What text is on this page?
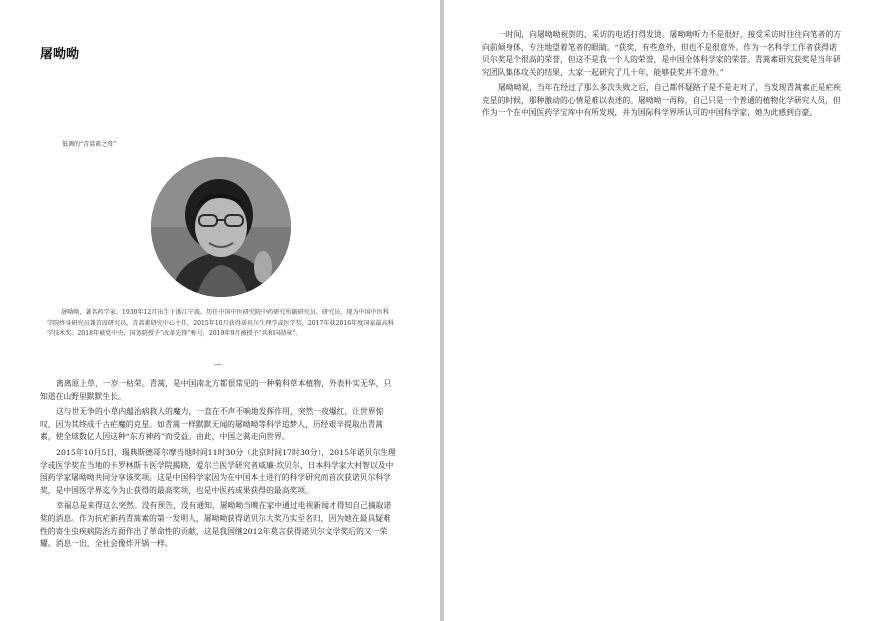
屠呦呦
低调的“青蒿素之母”

屠呦呦，著名药学家。1930年12月出生于浙江宁波。历任中国中医研究院中药研究所副研究员、研究员，现为中国中医科学院终身研究员兼首席研究员，青蒿素研究中心主任。2015年10月获得诺贝尔生理学或医学奖，2017年获2016年度国家最高科学技术奖。2018年被党中央、国务院授予“改革先锋”称号，2019年9月被授予“共和国勋章”。

—

离离原上草，一岁一枯荣。青蒿，是中国南北方都很常见的一种菊科草本植物，外表朴实无华，只知道在山野里默默生长。

这与世无争的小草内蕴治病救人的魔力，一直在不声不响地发挥作用，突然一夜爆红，让世界惊叹，因为其终成千古疟魔的克星。如青蒿一样默默无闻的屠呦呦等科学追梦人，历经艰辛提取出青蒿素，使全球数亿人因这种“东方神药”而受益。由此，中国之蒿走向世界。

2015年10月5日，瑞典斯德哥尔摩当地时间11时30分（北京时间17时30分），2015年诺贝尔生理学或医学奖在当地的卡罗林斯卡医学院揭晓，爱尔兰医学研究者威廉·坎贝尔、日本科学家大村智以及中国药学家屠呦呦共同分享该奖项。这是中国科学家因为在中国本土进行的科学研究而首次获诺贝尔科学奖，是中国医学界迄今为止获得的最高奖项，也是中医药成果获得的最高奖项。

幸福总是来得这么突然。没有预告，没有通知，屠呦呦当晚在家中通过电视新闻才得知自己摘取诺奖的消息。作为抗疟新药青蒿素的第一发明人，屠呦呦获得诺贝尔大奖乃实至名归，因为她在最具疑难性的寄生虫疾病防治方面作出了革命性的贡献，这是我国继2012年莫言获得诺贝尔文学奖后的又一荣耀。消息一出，全社会像炸开锅一样。

一时间，向屠呦呦祝贺的、采访的电话打得发烫。屠呦呦听力不是很好，接受采访时往往向笔者的方向前倾身体，专注地望着笔者的眼睛。“获奖，有些意外，但也不是很意外。作为一名科学工作者获得诺贝尔奖是个很高的荣誉，但这不是我一个人的荣誉，是中国全体科学家的荣誉。青蒿素研究获奖是当年研究团队集体攻关的结果，大家一起研究了几十年，能够获奖并不意外。”

屠呦呦说，当年在经过了那么多次失败之后，自己都怀疑路子是不是走对了，当发现青蒿素正是疟疾克星的时候，那种激动的心情是难以表述的。屠呦呦一再称，自己只是一个普通的植物化学研究人员，但作为一个在中国医药学宝库中有所发现，并为国际科学界所认可的中国科学家，她为此感到自豪。
